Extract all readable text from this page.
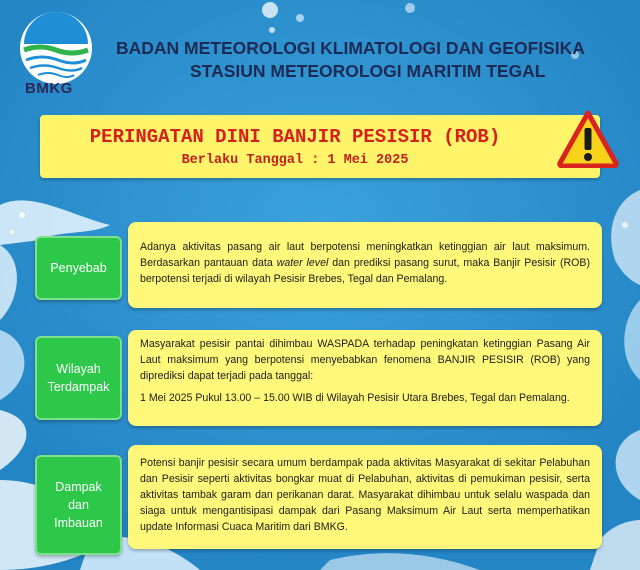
BMKG
BADAN METEOROLOGI KLIMATOLOGI DAN GEOFISIKA
STASIUN METEOROLOGI MARITIM TEGAL
PERINGATAN DINI BANJIR PESISIR (ROB)
Berlaku Tanggal : 1 Mei 2025
Penyebab

Adanya aktivitas pasang air laut berpotensi meningkatkan ketinggian air laut maksimum. Berdasarkan pantauan data water level dan prediksi pasang surut, maka Banjir Pesisir (ROB) berpotensi terjadi di wilayah Pesisir Brebes, Tegal dan Pemalang.

Wilayah
Terdampak

Masyarakat pesisir pantai dihimbau WASPADA terhadap peningkatan ketinggian Pasang Air Laut maksimum yang berpotensi menyebabkan fenomena BANJIR PESISIR (ROB) yang diprediksi dapat terjadi pada tanggal:

1 Mei 2025 Pukul 13.00 – 15.00 WIB di Wilayah Pesisir Utara Brebes, Tegal dan Pemalang.

Dampak
dan
Imbauan

Potensi banjir pesisir secara umum berdampak pada aktivitas Masyarakat di sekitar Pelabuhan dan Pesisir seperti aktivitas bongkar muat di Pelabuhan, aktivitas di pemukiman pesisir, serta aktivitas tambak garam dan perikanan darat. Masyarakat dihimbau untuk selalu waspada dan siaga untuk mengantisipasi dampak dari Pasang Maksimum Air Laut serta memperhatikan update Informasi Cuaca Maritim dari BMKG.
